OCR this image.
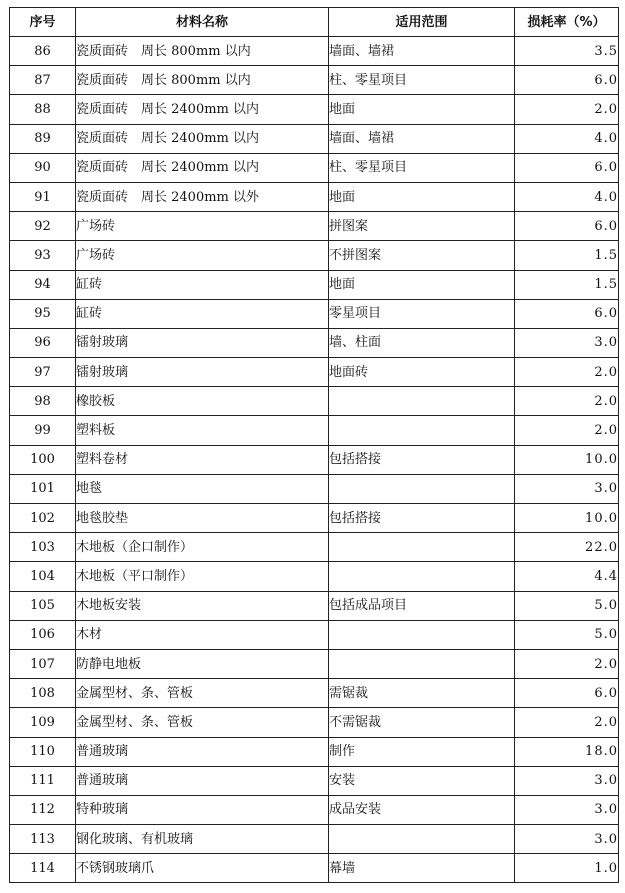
序号	材料名称	适用范围	损耗率（%）
86	瓷质面砖　周长 800mm 以内	墙面、墙裙	3.5
87	瓷质面砖　周长 800mm 以内	柱、零星项目	6.0
88	瓷质面砖　周长 2400mm 以内	地面	2.0
89	瓷质面砖　周长 2400mm 以内	墙面、墙裙	4.0
90	瓷质面砖　周长 2400mm 以内	柱、零星项目	6.0
91	瓷质面砖　周长 2400mm 以外	地面	4.0
92	广场砖	拼图案	6.0
93	广场砖	不拼图案	1.5
94	缸砖	地面	1.5
95	缸砖	零星项目	6.0
96	镭射玻璃	墙、柱面	3.0
97	镭射玻璃	地面砖	2.0
98	橡胶板		2.0
99	塑料板		2.0
100	塑料卷材	包括搭接	10.0
101	地毯		3.0
102	地毯胶垫	包括搭接	10.0
103	木地板（企口制作）		22.0
104	木地板（平口制作）		4.4
105	木地板安装	包括成品项目	5.0
106	木材		5.0
107	防静电地板		2.0
108	金属型材、条、管板	需锯裁	6.0
109	金属型材、条、管板	不需锯裁	2.0
110	普通玻璃	制作	18.0
111	普通玻璃	安装	3.0
112	特种玻璃	成品安装	3.0
113	钢化玻璃、有机玻璃		3.0
114	不锈钢玻璃爪	幕墙	1.0
